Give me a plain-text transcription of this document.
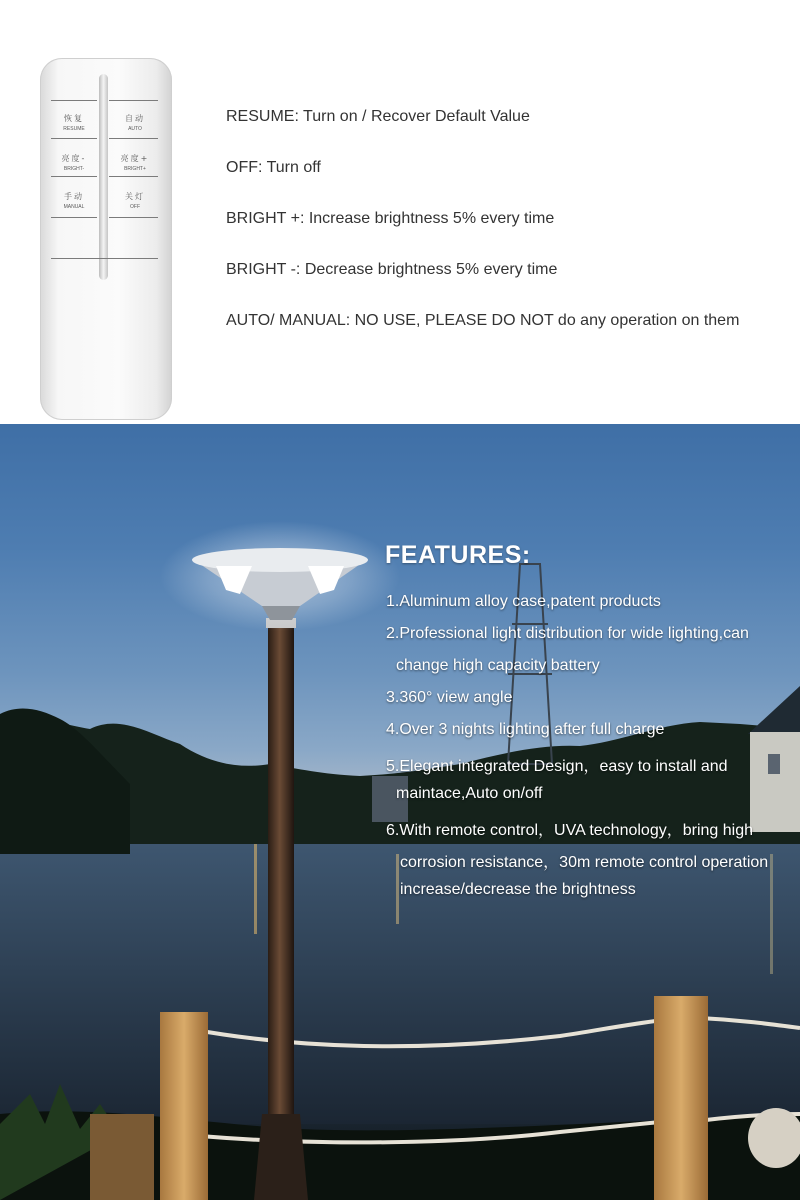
恢复
RESUME
自动
AUTO
亮度-
BRIGHT-
亮度+
BRIGHT+
手动
MANUAL
关灯
OFF

RESUME: Turn on / Recover Default Value

OFF: Turn off

BRIGHT +: Increase brightness 5% every time

BRIGHT -: Decrease brightness 5% every time

AUTO/ MANUAL: NO USE, PLEASE DO NOT do any operation on them

FEATURES:

1.Aluminum alloy case,patent products

2.Professional light distribution for wide lighting,can

change high capacity battery

3.360° view angle

4.Over 3 nights lighting after full charge

5.Elegant integrated Design，easy to install and

maintace,Auto on/off

6.With remote control，UVA technology，bring high

corrosion resistance，30m remote control operation

increase/decrease the brightness
